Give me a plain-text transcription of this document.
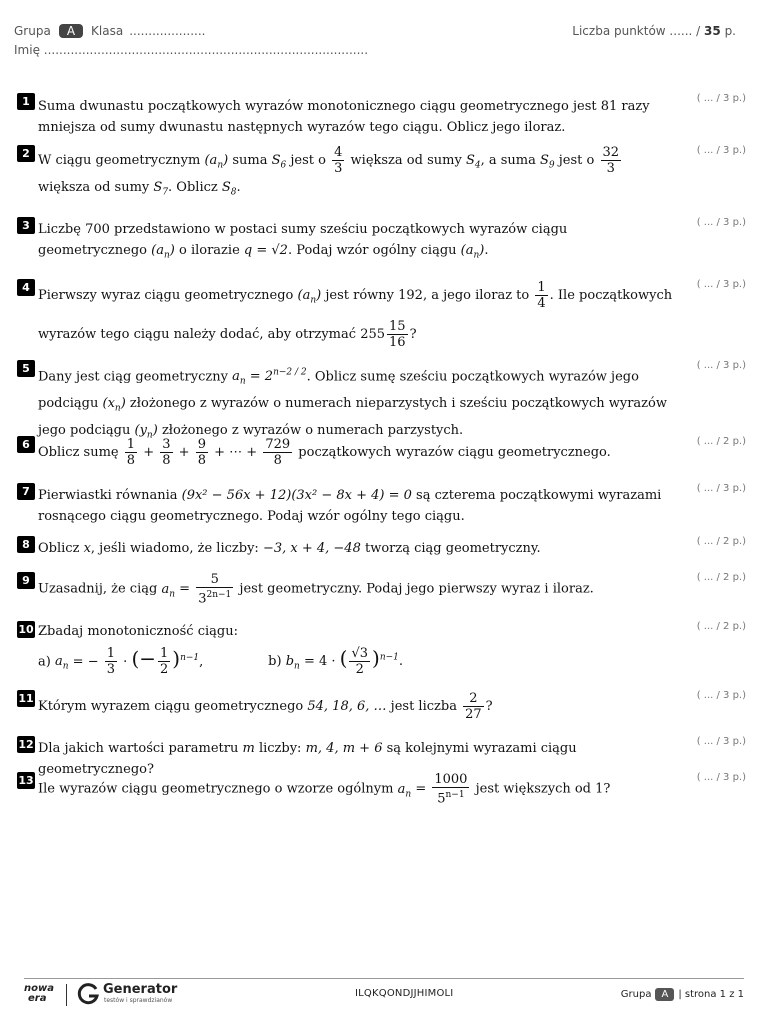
Grupa	A	Klasa ....................
Imię .....................................................................................
Liczba punktów ...... / 35 p.
1 Suma dwunastu początkowych wyrazów monotonicznego ciągu geometrycznego jest 81 razy mniejsza od sumy dwunastu następnych wyrazów tego ciągu. Oblicz jego iloraz.
( ... / 3 p.)
2 W ciągu geometrycznym $(a_n)$ suma $S_6$ jest o $\frac{4}{3}$ większa od sumy $S_4$, a suma $S_9$ jest o $\frac{32}{3}$
większa od sumy $S_7$. Oblicz $S_8$.
( ... / 3 p.)
3 Liczbę 700 przedstawiono w postaci sumy sześciu początkowych wyrazów ciągu geometrycznego $(a_n)$ o ilorazie q = √2. Podaj wzór ogólny ciągu $(a_n)$.
( ... / 3 p.)
4
Pierwszy wyraz ciągu geometrycznego $(a_n)$ jest równy 192, a jego iloraz to $\frac{1}{4}$ . Ile początkowych wyrazów tego ciągu należy dodać, aby otrzymać $255 \frac{15}{16}$ ?
( ... / 3 p.)
5
Dany jest ciąg geometryczny $a_n = 2^{n-2 / 2}$. Oblicz sumę sześciu początkowych wyrazów jego podciągu $(x_n)$ złożonego z wyrazów o numerach nieparzystych i sześciu początkowych wyrazów jego podciągu $(y_n)$ złożonego z wyrazów o numerach parzystych.
( ... / 3 p.)
6
Oblicz sumę $\frac{1}{8} + \frac{3}{8} + \frac{9}{8}$ + ⋯ + $\frac{729}{8}$ początkowych wyrazów ciągu geometrycznego.
( ... / 2 p.)
7 Pierwiastki równania (9x² − 56x + 12)(3x² − 8x + 4) = 0 są czterema początkowymi wyrazami rosnącego ciągu geometrycznego. Podaj wzór ogólny tego ciągu.
( ... / 3 p.)
8 Oblicz x, jeśli wiadomo, że liczby: −3, x + 4, −48 tworzą ciąg geometryczny.	( ... / 2 p.)
9
Uzasadnij, że ciąg $a_n = \frac{5}{3^{2n-1}}$ jest geometryczny. Podaj jego pierwszy wyraz i iloraz.
( ... / 2 p.)
10 Zbadaj monotoniczność ciągu:
a) $a_n$ = − $\frac{1}{3}$ · (− $\frac{1}{2} )^{n-1}$,	b) $b_n = 4$ · ( $\frac{√3}{2} )^{n-1}$.
( ... / 2 p.)
11
Którym wyrazem ciągu geometrycznego 54, 18, 6, … jest liczba $\frac{2}{27}$ ?
( ... / 3 p.)
12 Dla jakich wartości parametru m liczby: m, 4, m + 6 są kolejnymi wyrazami ciągu geometrycznego?
( ... / 3 p.)
13
Ile wyrazów ciągu geometrycznego o wzorze ogólnym $a_n = \frac{1000}{5^{n-1}}$ jest większych od 1?
( ... / 3 p.)
nowa
era
Generator
testów i sprawdzianów
ILQKQONDJJHIMOLI	Grupa	A	| strona 1 z 1
